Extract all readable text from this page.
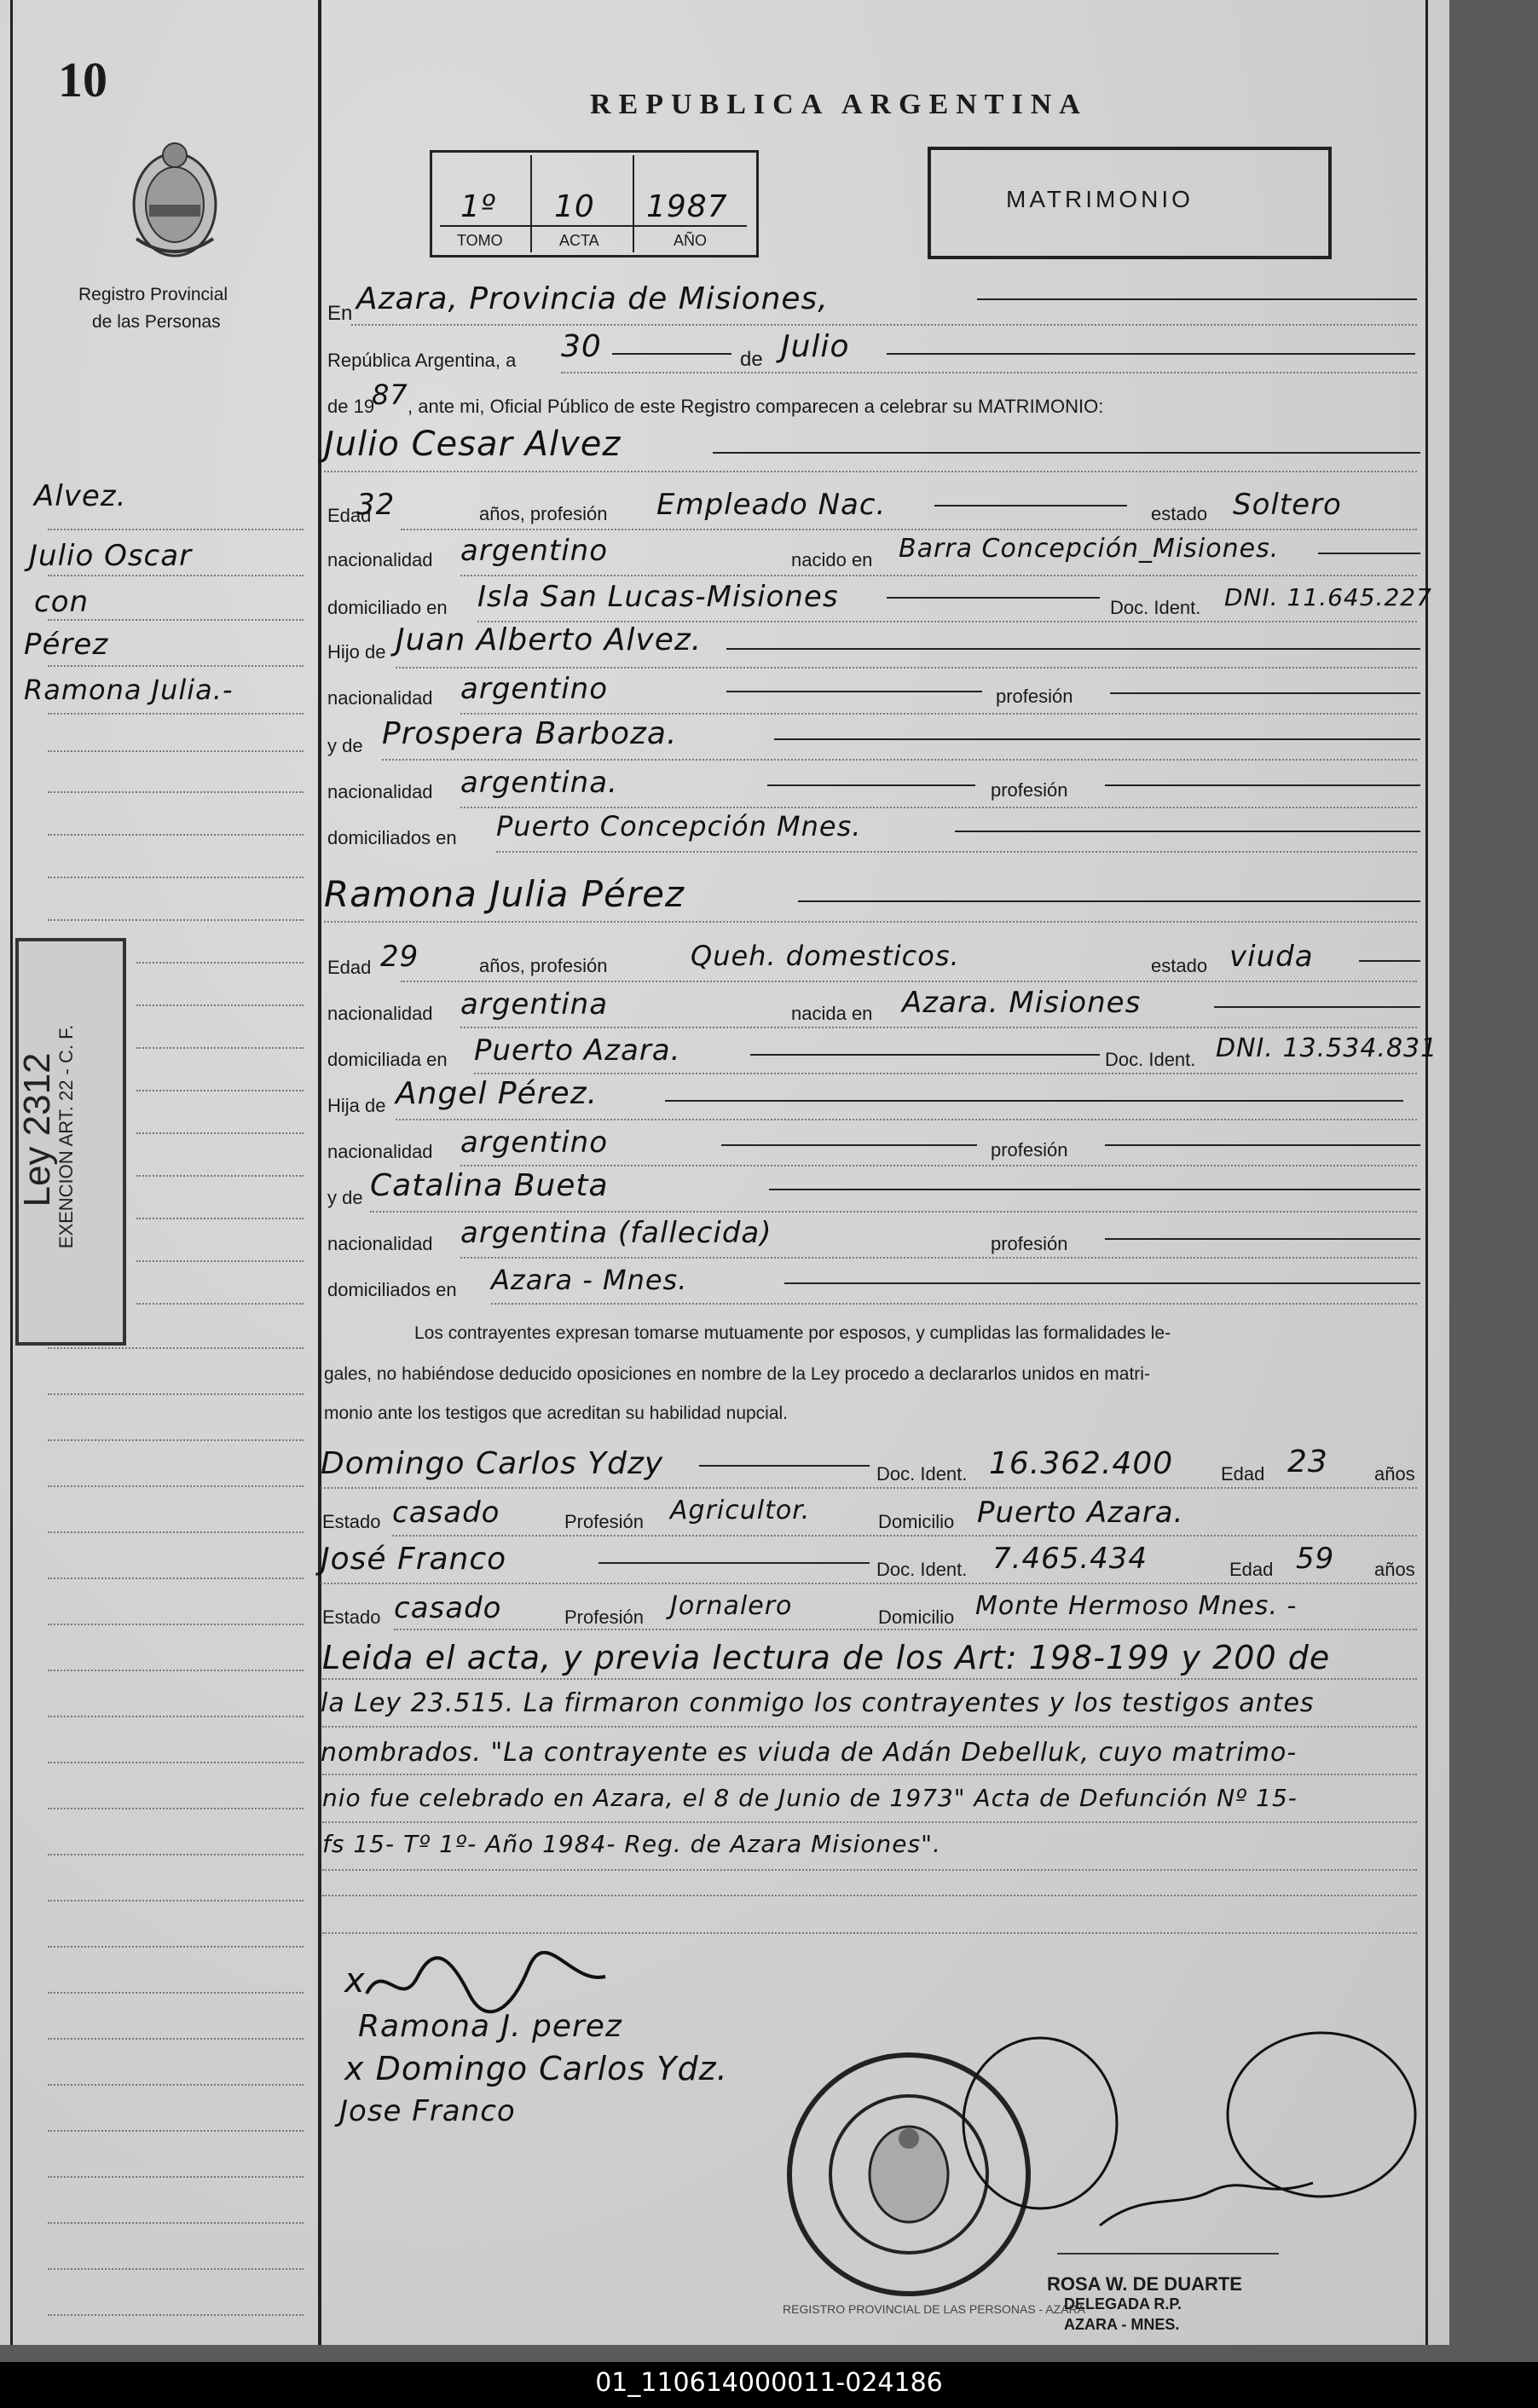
10
Registro Provincial
de las Personas
REPUBLICA ARGENTINA
1º 10 1987
TOMO	ACTA	AÑO
MATRIMONIO
En Azara, Provincia de Misiones,
República Argentina, a 30	de Julio
de 19
87 , ante mi, Oficial Público de este Registro comparecen a celebrar su MATRIMONIO:
Julio Cesar Alvez
Edad
32	años, profesión Empleado Nac.	estado Soltero
nacionalidad argentino	nacido en Barra Concepción_Misiones.
domiciliado en Isla San Lucas-Misiones	Doc. Ident. DNI. 11.645.227
Hijo de Juan Alberto Alvez.
nacionalidad argentino	profesión
y de Prospera Barboza.
nacionalidad argentina.	profesión
domiciliados en Puerto Concepción Mnes.
Ramona Julia Pérez
Edad 29	años, profesión	Queh. domesticos.	estado viuda
nacionalidad argentina	nacida en Azara. Misiones
domiciliada en Puerto Azara.	Doc. Ident. DNI. 13.534.831
Hija de Angel Pérez.
nacionalidad argentino	profesión
y de Catalina Bueta
nacionalidad argentina (fallecida)	profesión
domiciliados en Azara - Mnes.
Los contrayentes expresan tomarse mutuamente por esposos, y cumplidas las formalidades le-
gales, no habiéndose deducido oposiciones en nombre de la Ley procedo a declararlos unidos en matri-
monio ante los testigos que acreditan su habilidad nupcial.
Domingo Carlos Ydzy	Doc. Ident. 16.362.400	Edad 23 años
Estado casado	Profesión Agricultor.	Domicilio Puerto Azara.
José Franco	Doc. Ident. 7.465.434	Edad 59 años
Estado casado	Profesión Jornalero	Domicilio Monte Hermoso Mnes. -
Leida el acta, y previa lectura de los Art: 198-199 y 200 de
la Ley 23.515. La firmaron conmigo los contrayentes y los testigos antes
nombrados. "La contrayente es viuda de Adán Debelluk, cuyo matrimo-
nio fue celebrado en Azara, el 8 de Junio de 1973" Acta de Defunción Nº 15-
fs 15- Tº 1º- Año 1984- Reg. de Azara Misiones".
x
Ramona J. perez
x Domingo Carlos Ydz.
Jose Franco
REGISTRO PROVINCIAL DE LAS PERSONAS - AZARA
ROSA W. DE DUARTE
DELEGADA R.P.
AZARA - MNES.
Alvez.
Julio Oscar
con
Pérez
Ramona Julia.-
Ley 2312
EXENCION ART. 22 - C. F.
01_110614000011-024186
